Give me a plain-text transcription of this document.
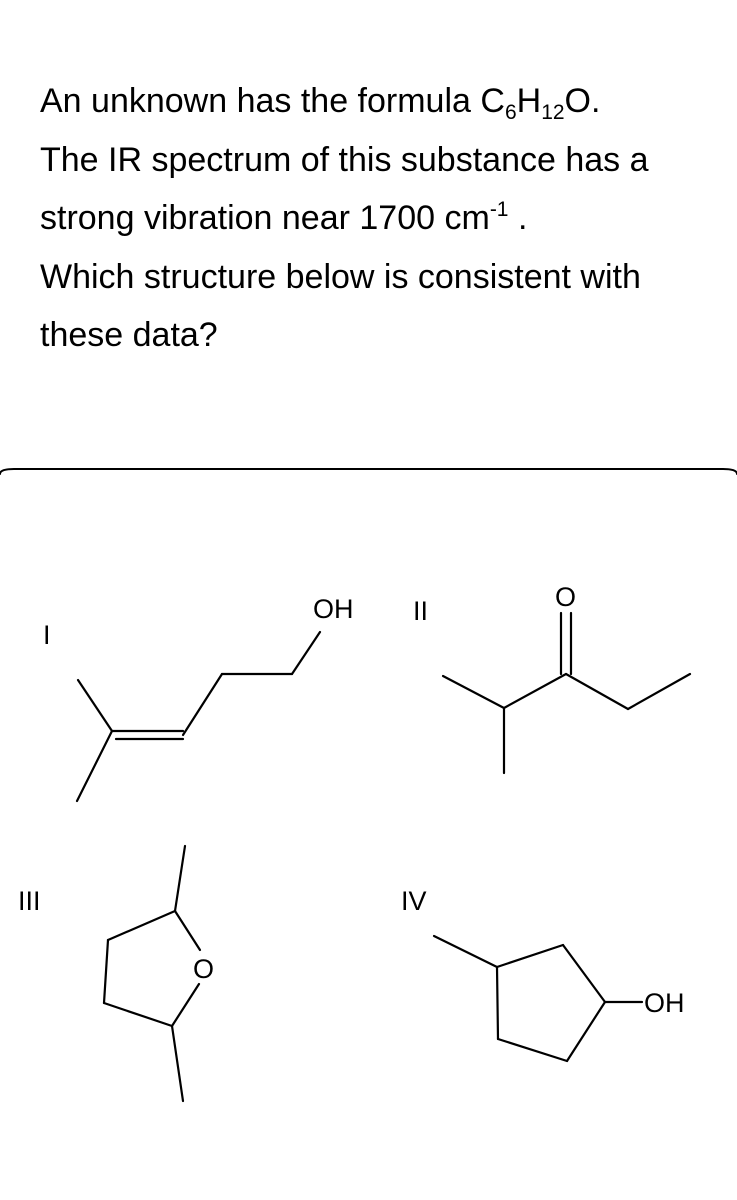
An unknown has the formula $C_6H_{12}O$.
The IR spectrum of this substance has a
strong vibration near 1700 $cm^{-1}$ .
Which structure below is consistent with
these data?
I
OH II	O
III
O
IV
OH
